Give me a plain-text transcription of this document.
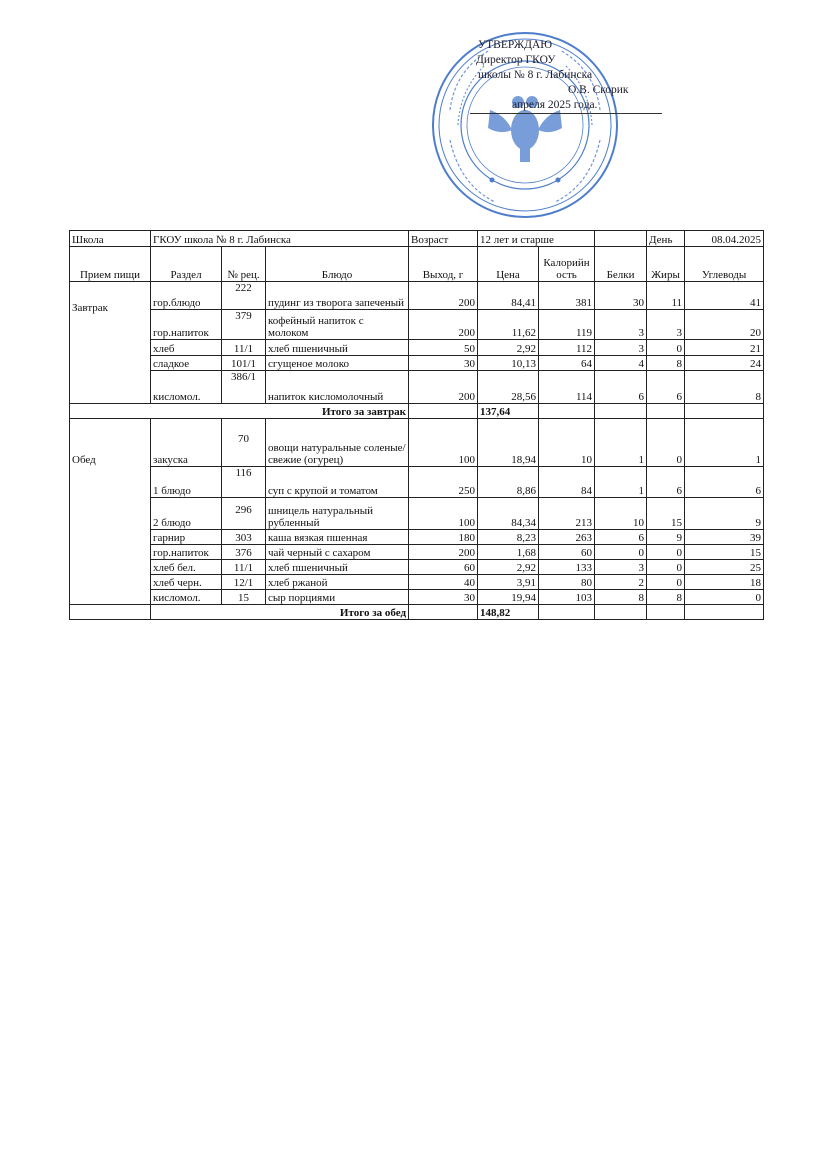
УТВЕРЖДАЮ
Директор ГКОУ
школы № 8 г. Лабинска
О.В. Скорик
апреля 2025 года.
Школа	ГКОУ школа № 8 г. Лабинска			Возраст	12 лет и старше			День	08.04.2025
Прием пищи	Раздел	№ рец.	Блюдо	Выход, г	Цена	Калорийность	Белки	Жиры	Углеводы
Завтрак	гор.блюдо	222	пудинг из творога запеченый	200	84,41	381	30	11	41
	гор.напиток	379	кофейный напиток с молоком	200	11,62	119	3	3	20
	хлеб	11/1	хлеб пшеничный	50	2,92	112	3	0	21
	сладкое	101/1	сгущеное молоко	30	10,13	64	4	8	24
	кисломол.	386/1	напиток кисломолочный	200	28,56	114	6	6	8
Итого за завтрак					137,64				
Обед	закуска	70	овощи натуральные соленые/свежие (огурец)	100	18,94	10	1	0	1
	1 блюдо	116	суп с крупой и томатом	250	8,86	84	1	6	6
	2 блюдо	296	шницель натуральный рубленный	100	84,34	213	10	15	9
	гарнир	303	каша вязкая пшенная	180	8,23	263	6	9	39
	гор.напиток	376	чай черный с сахаром	200	1,68	60	0	0	15
	хлеб бел.	11/1	хлеб пшеничный	60	2,92	133	3	0	25
	хлеб черн.	12/1	хлеб ржаной	40	3,91	80	2	0	18
	кисломол.	15	сыр порциями	30	19,94	103	8	8	0
	Итого за обед				148,82				
